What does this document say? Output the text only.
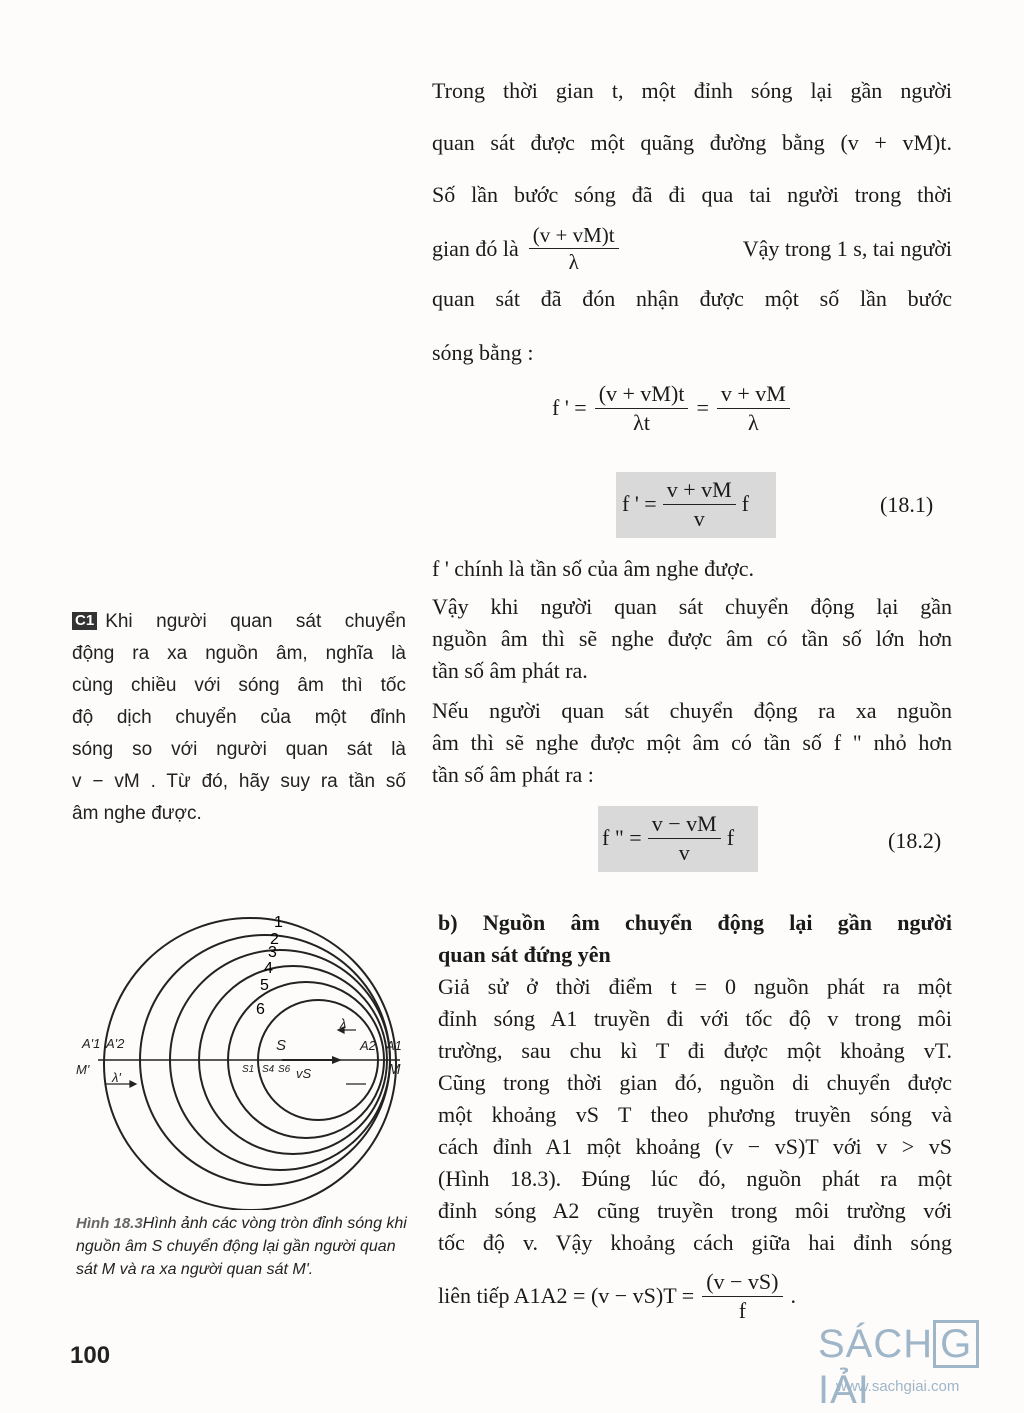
Trong thời gian t, một đỉnh sóng lại gần người
quan sát được một quãng đường bằng (v + vM)t.
Số lần bước sóng đã đi qua tai người trong thời
gian đó là $\frac{(v + vM)t}{\lambda}$	Vậy trong 1 s, tai người
quan sát đã đón nhận được một số lần bước
sóng bằng :
f ' = $\frac{(v + vM)t}{\lambda t} = \frac{v + vM}{\lambda}$
f ' = $\frac{v + vM}{v}$ f	(18.1)
f ' chính là tần số của âm nghe được.
Vậy khi người quan sát chuyển động lại gần
nguồn âm thì sẽ nghe được âm có tần số lớn hơn
tần số âm phát ra.
Nếu người quan sát chuyển động ra xa nguồn
âm thì sẽ nghe được một âm có tần số f " nhỏ hơn
tần số âm phát ra :
f " = $\frac{v - vM}{v}$ f	(18.2)
b) Nguồn âm chuyển động lại gần người
quan sát đứng yên
Giả sử ở thời điểm t = 0 nguồn phát ra một
đỉnh sóng A1 truyền đi với tốc độ v trong môi
trường, sau chu kì T đi được một khoảng vT.
Cũng trong thời gian đó, nguồn di chuyển được
một khoảng vS T theo phương truyền sóng và
cách đỉnh A1 một khoảng (v − vS)T với v > vS
(Hình 18.3). Đúng lúc đó, nguồn phát ra một
đỉnh sóng A2 cũng truyền trong môi trường với
tốc độ v. Vậy khoảng cách giữa hai đỉnh sóng
liên tiếp $A1A2 = (v - vS)T = \frac{(v - vS)}{f}$ .
C1 Khi người quan sát chuyển
động ra xa nguồn âm, nghĩa là
cùng chiều với sóng âm thì tốc
độ dịch chuyển của một đỉnh
sóng so với người quan sát là
v − vM . Từ đó, hãy suy ra tần số
âm nghe được.
1
2
3
4
5
6
A'1 A'2
M'
S
M
A1
A2
λ
λ'	vS
S1 S4 S6
Hình 18.3Hình ảnh các vòng tròn đỉnh sóng khi nguồn âm S chuyển động lại gần người quan sát M và ra xa người quan sát M'.
100	SÁCH GIẢI
www.sachgiai.com
